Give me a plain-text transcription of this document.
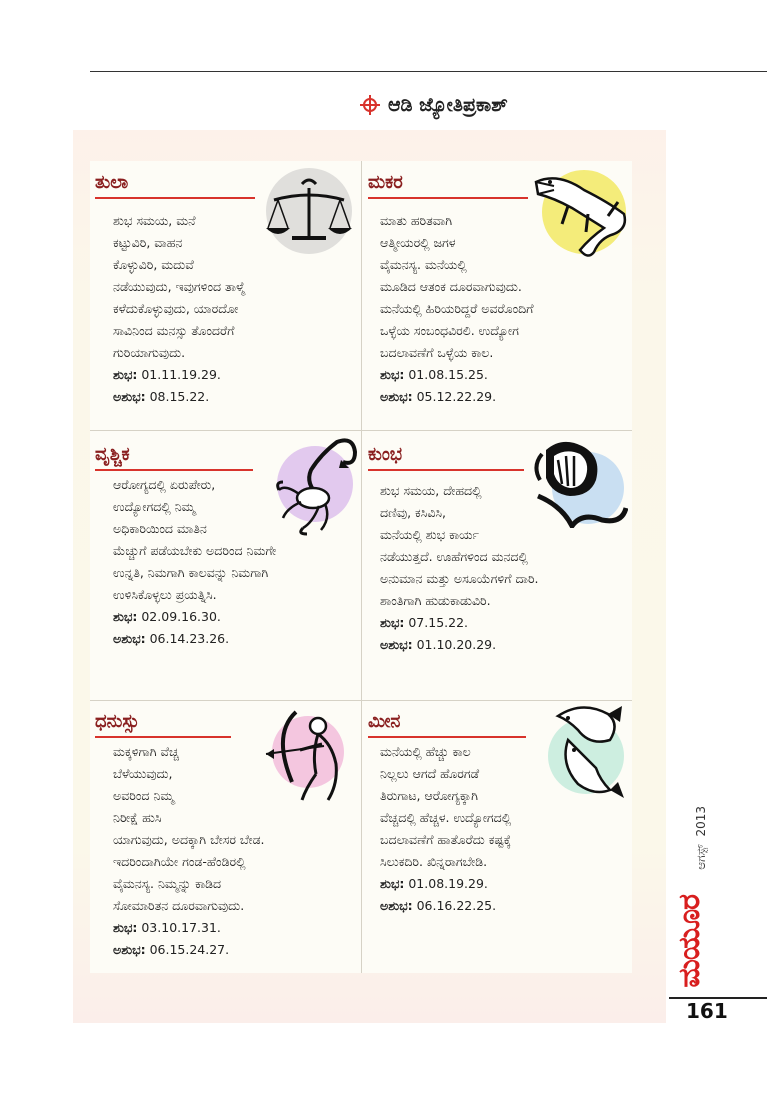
ಆಡಿ ಜ್ಯೋತಿಪ್ರಕಾಶ್
ತುಲಾ
ಶುಭ ಸಮಯ, ಮನೆ
ಕಟ್ಟುವಿರಿ, ವಾಹನ
ಕೊಳ್ಳುವಿರಿ, ಮದುವೆ
ನಡೆಯುವುದು, ಇವುಗಳಿಂದ ತಾಳ್ಮೆ
ಕಳೆದುಕೊಳ್ಳುವುದು, ಯಾರದೋ
ಸಾವಿನಿಂದ ಮನಸ್ಸು ತೊಂದರೆಗೆ
ಗುರಿಯಾಗುವುದು.
ಶುಭ: 01.11.19.29.
ಅಶುಭ: 08.15.22.
ಮಕರ
ಮಾತು ಹರಿತವಾಗಿ
ಆತ್ಮೀಯರಲ್ಲಿ ಜಗಳ
ವೈಮನಸ್ಯ. ಮನೆಯಲ್ಲಿ
ಮೂಡಿದ ಆತಂಕ ದೂರವಾಗುವುದು.
ಮನೆಯಲ್ಲಿ ಹಿರಿಯರಿದ್ದರೆ ಅವರೊಂದಿಗೆ
ಒಳ್ಳೆಯ ಸಂಬಂಧವಿರಲಿ. ಉದ್ಯೋಗ
ಬದಲಾವಣೆಗೆ ಒಳ್ಳೆಯ ಕಾಲ.
ಶುಭ: 01.08.15.25.
ಅಶುಭ: 05.12.22.29.
ವೃಶ್ಚಿಕ
ಆರೋಗ್ಯದಲ್ಲಿ ಏರುಪೇರು,
ಉದ್ಯೋಗದಲ್ಲಿ ನಿಮ್ಮ
ಅಧಿಕಾರಿಯಿಂದ ಮಾತಿನ
ಮೆಚ್ಚುಗೆ ಪಡೆಯಬೇಕು ಅದರಿಂದ ನಿಮಗೇ
ಉನ್ನತಿ, ನಿಮಗಾಗಿ ಕಾಲವನ್ನು ನಿಮಗಾಗಿ
ಉಳಿಸಿಕೊಳ್ಳಲು ಪ್ರಯತ್ನಿಸಿ.
ಶುಭ: 02.09.16.30.
ಅಶುಭ: 06.14.23.26.
ಕುಂಭ
ಶುಭ ಸಮಯ, ದೇಹದಲ್ಲಿ
ದಣಿವು, ಕಸಿವಿಸಿ,
ಮನೆಯಲ್ಲಿ ಶುಭ ಕಾರ್ಯ
ನಡೆಯುತ್ತದೆ. ಊಹೆಗಳಿಂದ ಮನದಲ್ಲಿ
ಅನುಮಾನ ಮತ್ತು ಅಸೂಯೆಗಳಿಗೆ ದಾರಿ.
ಶಾಂತಿಗಾಗಿ ಹುಡುಕಾಡುವಿರಿ.
ಶುಭ: 07.15.22.
ಅಶುಭ: 01.10.20.29.
ಧನುಸ್ಸು
ಮಕ್ಕಳಿಗಾಗಿ ವೆಚ್ಚ
ಬೆಳೆಯುವುದು,
ಅವರಿಂದ ನಿಮ್ಮ
ನಿರೀಕ್ಷೆ ಹುಸಿ
ಯಾಗುವುದು, ಅದಕ್ಕಾಗಿ ಬೇಸರ ಬೇಡ.
ಇದರಿಂದಾಗಿಯೇ ಗಂಡ-ಹೆಂಡಿರಲ್ಲಿ
ವೈಮನಸ್ಯ. ನಿಮ್ಮನ್ನು ಕಾಡಿದ
ಸೋಮಾರಿತನ ದೂರವಾಗುವುದು.
ಶುಭ: 03.10.17.31.
ಅಶುಭ: 06.15.24.27.
ಮೀನ
ಮನೆಯಲ್ಲಿ ಹೆಚ್ಚು ಕಾಲ
ನಿಲ್ಲಲು ಆಗದೆ ಹೊರಗಡೆ
ತಿರುಗಾಟ, ಆರೋಗ್ಯಕ್ಕಾಗಿ
ವೆಚ್ಚದಲ್ಲಿ ಹೆಚ್ಚಳ. ಉದ್ಯೋಗದಲ್ಲಿ
ಬದಲಾವಣೆಗೆ ಹಾತೊರೆದು ಕಷ್ಟಕ್ಕೆ
ಸಿಲುಕದಿರಿ. ಖಿನ್ನರಾಗಬೇಡಿ.
ಶುಭ: 01.08.19.29.
ಅಶುಭ: 06.16.22.25.
ಆಗಸ್ಟ್  2013
ಮಯೂರ
161
